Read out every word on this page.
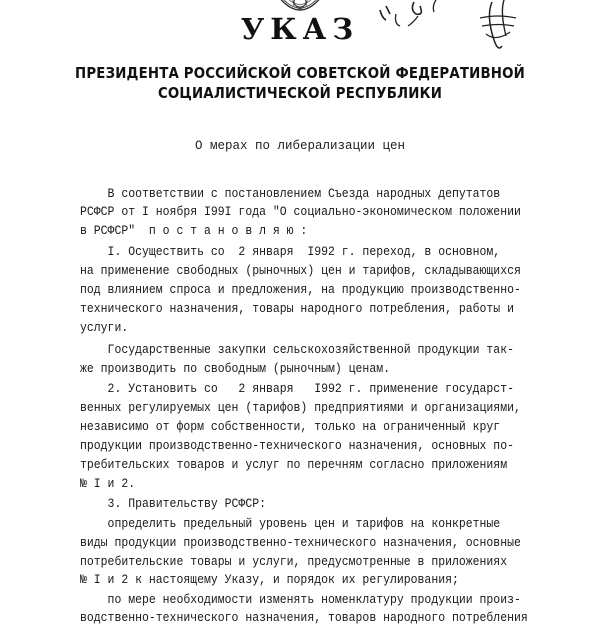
УКАЗ
ПРЕЗИДЕНТА РОССИЙСКОЙ СОВЕТСКОЙ ФЕДЕРАТИВНОЙ
СОЦИАЛИСТИЧЕСКОЙ РЕСПУБЛИКИ
О мерах по либерализации цен
В соответствии с постановлением Съезда народных депутатов
РСФСР от I ноября I99I года "О социально-экономическом положении
в РСФСР"  п о с т а н о в л я ю :
I. Осуществить со  2 января  I992 г. переход, в основном,
на применение свободных (рыночных) цен и тарифов, складывающихся
под влиянием спроса и предложения, на продукцию производственно-
технического назначения, товары народного потребления, работы и
услуги.
Государственные закупки сельскохозяйственной продукции так-
же производить по свободным (рыночным) ценам.
2. Установить со   2 января   I992 г. применение государст-
венных регулируемых цен (тарифов) предприятиями и организациями,
независимо от форм собственности, только на ограниченный круг
продукции производственно-технического назначения, основных по-
требительских товаров и услуг по перечням согласно приложениям
№ I и 2.
3. Правительству РСФСР:
определить предельный уровень цен и тарифов на конкретные
виды продукции производственно-технического назначения, основные
потребительские товары и услуги, предусмотренные в приложениях
№ I и 2 к настоящему Указу, и порядок их регулирования;
по мере необходимости изменять номенклатуру продукции произ-
водственно-технического назначения, товаров народного потребления
